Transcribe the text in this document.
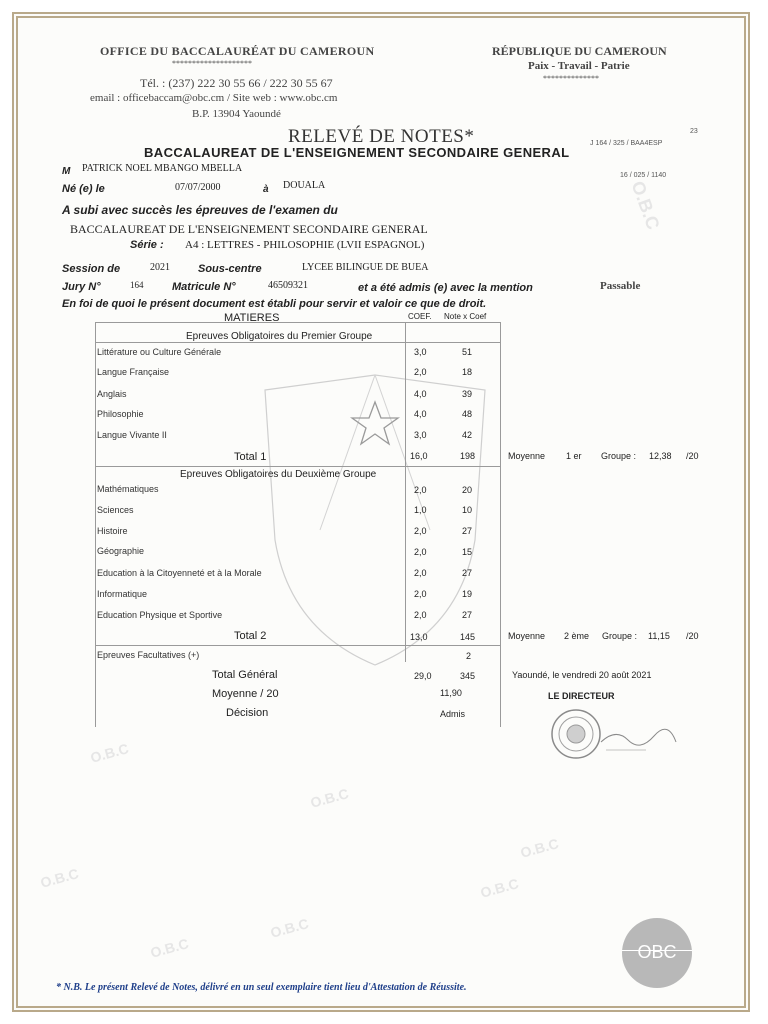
O.B.C
O.B.C
O.B.C
O.B.C
O.B.C
O.B.C
O.B.C
O.B.C
OFFICE DU BACCALAURÉAT DU CAMEROUN
********************
Tél. : (237) 222 30 55 66 / 222 30 55 67
email : officebaccam@obc.cm / Site web : www.obc.cm
B.P. 13904 Yaoundé
RÉPUBLIQUE DU CAMEROUN
Paix - Travail - Patrie
**************
23
J 164 / 325 / BAA4ESP
16 / 025 / 1140
RELEVÉ DE NOTES*
BACCALAUREAT DE L'ENSEIGNEMENT SECONDAIRE GENERAL
M PATRICK NOEL MBANGO MBELLA
Né (e) le	07/07/2000	à DOUALA
A subi avec succès les épreuves de l'examen du
BACCALAUREAT DE L'ENSEIGNEMENT SECONDAIRE GENERAL
Série : A4 : LETTRES - PHILOSOPHIE (LVII ESPAGNOL)
Session de	2021	Sous-centre	LYCEE BILINGUE DE BUEA
Jury N°	164	Matricule N°	46509321	et a été admis (e) avec la mention	Passable
En foi de quoi le présent document est établi pour servir et valoir ce que de droit.
MATIERES	COEF. Note x Coef
Epreuves Obligatoires du Premier Groupe
Littérature ou Culture Générale	3,0	51
Langue Française	2,0	18
Anglais	4,0	39
Philosophie	4,0	48
Langue Vivante II	3,0	42
Total 1	16,0	198
Epreuves Obligatoires du Deuxième Groupe
Mathématiques	2,0	20
Sciences	1,0	10
Histoire	2,0	27
Géographie	2,0	15
Education à la Citoyenneté et à la Morale	2,0	27
Informatique	2,0	19
Education Physique et Sportive	2,0	27
Total 2	13,0	145
Epreuves Facultatives (+)	2
Total Général	29,0	345
Moyenne / 20	11,90
Décision	Admis
Moyenne 1 er Groupe : 12,38 /20
Moyenne 2 ème Groupe : 11,15 /20
Yaoundé, le vendredi 20 août 2021
LE DIRECTEUR
* N.B. Le présent Relevé de Notes, délivré en un seul exemplaire tient lieu d'Attestation de Réussite.
OBC
